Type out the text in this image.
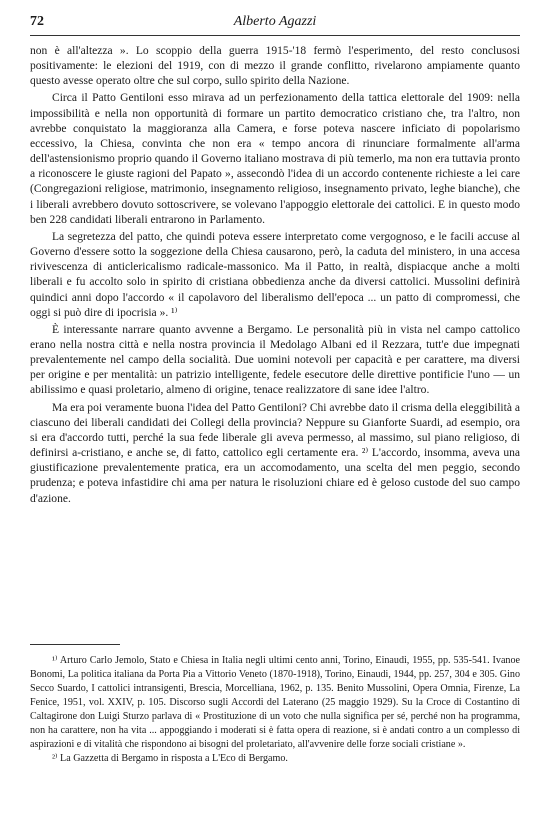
72	Alberto Agazzi

non è all'altezza ». Lo scoppio della guerra 1915-'18 fermò l'esperimento, del resto conclusosi positivamente: le elezioni del 1919, con di mezzo il grande conflitto, rivelarono ampiamente quanto questo avesse operato oltre che sul corpo, sullo spirito della Nazione.

Circa il Patto Gentiloni esso mirava ad un perfezionamento della tattica elettorale del 1909: nella impossibilità e nella non opportunità di formare un partito democratico cristiano che, tra l'altro, non avrebbe conquistato la maggioranza alla Camera, e forse poteva nascere inficiato di popolarismo eccessivo, la Chiesa, convinta che non era « tempo ancora di rinunciare formalmente all'arma dell'astensionismo proprio quando il Governo italiano mostrava di più temerlo, ma non era tuttavia pronto a riconoscere le giuste ragioni del Papato », assecondò l'idea di un accordo contenente richieste a lei care (Congregazioni religiose, matrimonio, insegnamento religioso, insegnamento privato, leghe bianche), che i liberali avrebbero dovuto sottoscrivere, se volevano l'appoggio elettorale dei cattolici. E in questo modo ben 228 candidati liberali entrarono in Parlamento.

La segretezza del patto, che quindi poteva essere interpretato come vergognoso, e le facili accuse al Governo d'essere sotto la soggezione della Chiesa causarono, però, la caduta del ministero, in una accesa rivivescenza di anticlericalismo radicale-massonico. Ma il Patto, in realtà, dispiacque anche a molti liberali e fu accolto solo in spirito di cristiana obbedienza anche da diversi cattolici. Mussolini definirà quindici anni dopo l'accordo « il capolavoro del liberalismo dell'epoca ... un patto di compromessi, che oggi si può dire di ipocrisia ». ¹⁾

È interessante narrare quanto avvenne a Bergamo. Le personalità più in vista nel campo cattolico erano nella nostra città e nella nostra provincia il Medolago Albani ed il Rezzara, tutt'e due impegnati prevalentemente nel campo della socialità. Due uomini notevoli per capacità e per carattere, ma diversi per origine e per mentalità: un patrizio intelligente, fedele esecutore delle direttive pontificie l'uno — un abilissimo e quasi proletario, almeno di origine, tenace realizzatore di sane idee l'altro.

Ma era poi veramente buona l'idea del Patto Gentiloni? Chi avrebbe dato il crisma della eleggibilità a ciascuno dei liberali candidati dei Collegi della provincia? Neppure su Gianforte Suardi, ad esempio, ora si era d'accordo tutti, perché la sua fede liberale gli aveva permesso, al massimo, sul piano religioso, di definirsi a-cristiano, e anche se, di fatto, cattolico egli certamente era. ²⁾ L'accordo, insomma, aveva una giustificazione prevalentemente pratica, era un accomodamento, una scelta del men peggio, secondo prudenza; e poteva infastidire chi ama per natura le risoluzioni chiare ed è geloso custode del suo campo d'azione.

¹⁾ Arturo Carlo Jemolo, Stato e Chiesa in Italia negli ultimi cento anni, Torino, Einaudi, 1955, pp. 535-541. Ivanoe Bonomi, La politica italiana da Porta Pia a Vittorio Veneto (1870-1918), Torino, Einaudi, 1944, pp. 257, 304 e 305. Gino Secco Suardo, I cattolici intransigenti, Brescia, Morcelliana, 1962, p. 135. Benito Mussolini, Opera Omnia, Firenze, La Fenice, 1951, vol. XXIV, p. 105. Discorso sugli Accordi del Laterano (25 maggio 1929). Su la Croce di Costantino di Caltagirone don Luigi Sturzo parlava di « Prostituzione di un voto che nulla significa per sé, perché non ha programma, non ha carattere, non ha vita ... appoggiando i moderati si è fatta opera di reazione, si è andati contro a un complesso di aspirazioni e di vitalità che rispondono ai bisogni del proletariato, all'avvenire delle forze sociali cristiane ».

²⁾ La Gazzetta di Bergamo in risposta a L'Eco di Bergamo.
